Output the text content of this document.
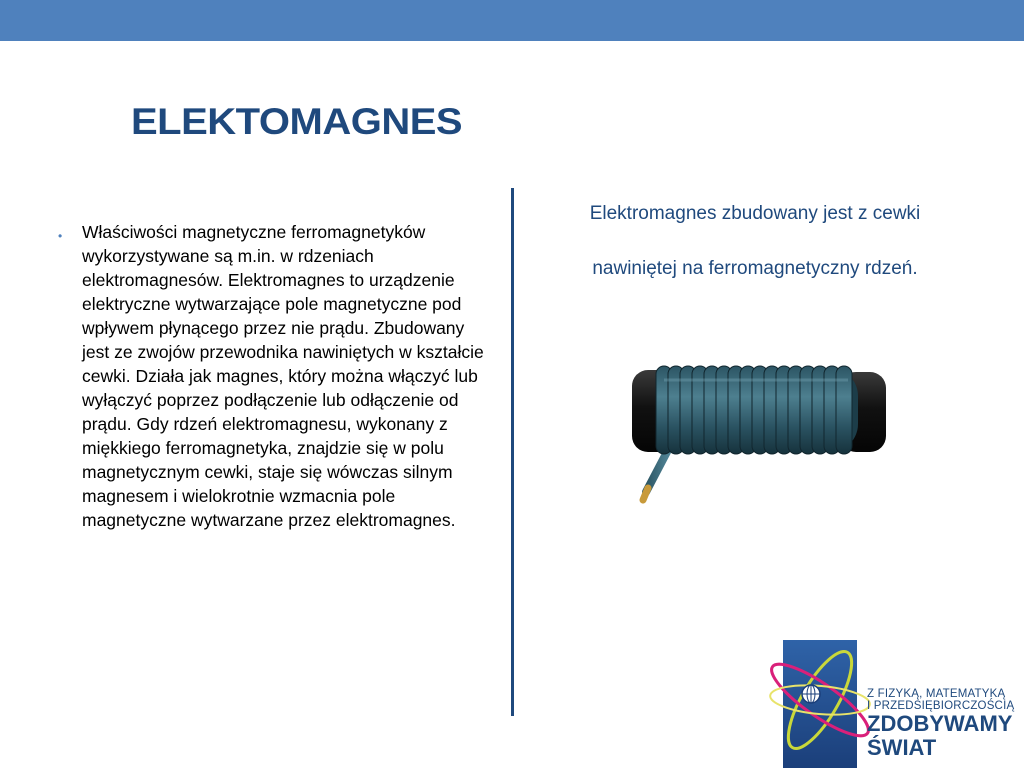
ELEKTOMAGNES
• Właściwości magnetyczne ferromagnetyków wykorzystywane są m.in. w rdzeniach elektromagnesów. Elektromagnes to urządzenie elektryczne wytwarzające pole magnetyczne pod wpływem płynącego przez nie prądu. Zbudowany jest ze zwojów przewodnika nawiniętych w kształcie cewki. Działa jak magnes, który można włączyć lub wyłączyć poprzez podłączenie lub odłączenie od prądu. Gdy rdzeń elektromagnesu, wykonany z miękkiego ferromagnetyka, znajdzie się w polu magnetycznym cewki, staje się wówczas silnym magnesem i wielokrotnie wzmacnia pole magnetyczne wytwarzane przez elektromagnes.

Elektromagnes zbudowany jest z cewki

nawiniętej na ferromagnetyczny rdzeń.

Z FIZYKĄ, MATEMATYKĄ
I PRZEDSIĘBIORCZOŚCIĄ
ZDOBYWAMY
ŚWIAT
